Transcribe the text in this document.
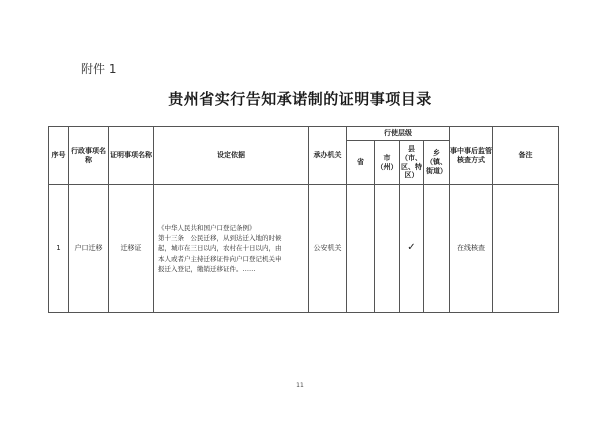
附件 1
贵州省实行告知承诺制的证明事项目录
序号	行政事项名称	证明事项名称	设定依据	承办机关	行使层级				事中事后监管核查方式	备注
					省	市（州）	县（市、区、特区）	乡（镇、街道）		
1	户口迁移	迁移证	《中华人民共和国户口登记条例》
第十三条　公民迁移，从到达迁入地的时候
起，城市在三日以内，农村在十日以内，由
本人或者户主持迁移证件向户口登记机关申
报迁入登记，缴销迁移证件。……	公安机关			✓		在线核查	
11
